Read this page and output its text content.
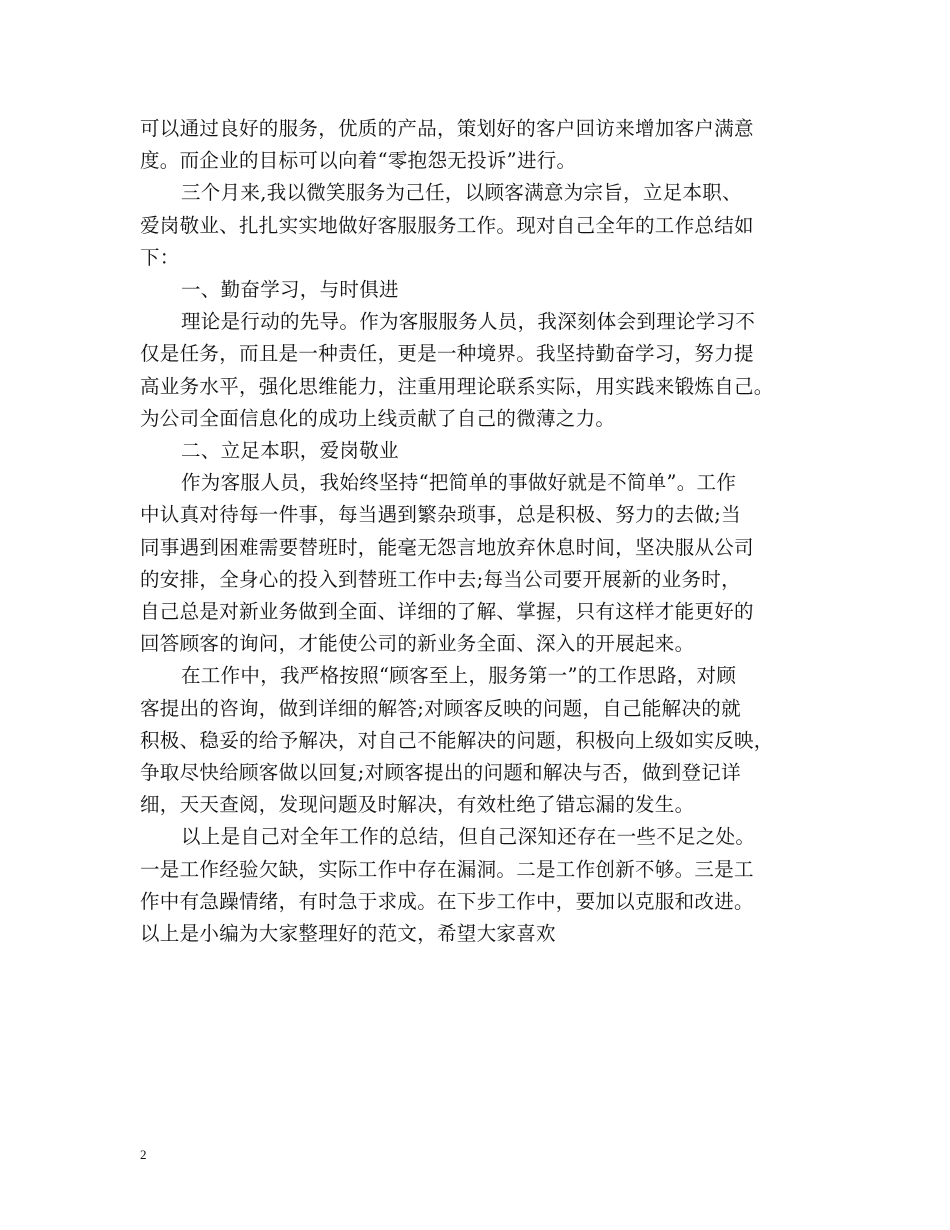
可以通过良好的服务，优质的产品，策划好的客户回访来增加客户满意
度。而企业的目标可以向着“零抱怨无投诉”进行。
三个月来,我以微笑服务为己任，以顾客满意为宗旨，立足本职、
爱岗敬业、扎扎实实地做好客服服务工作。现对自己全年的工作总结如
下：
一、勤奋学习，与时俱进
理论是行动的先导。作为客服服务人员，我深刻体会到理论学习不
仅是任务，而且是一种责任，更是一种境界。我坚持勤奋学习，努力提
高业务水平，强化思维能力，注重用理论联系实际，用实践来锻炼自己。
为公司全面信息化的成功上线贡献了自己的微薄之力。
二、立足本职，爱岗敬业
作为客服人员，我始终坚持“把简单的事做好就是不简单”。工作
中认真对待每一件事，每当遇到繁杂琐事，总是积极、努力的去做;当
同事遇到困难需要替班时，能毫无怨言地放弃休息时间，坚决服从公司
的安排，全身心的投入到替班工作中去;每当公司要开展新的业务时，
自己总是对新业务做到全面、详细的了解、掌握，只有这样才能更好的
回答顾客的询问，才能使公司的新业务全面、深入的开展起来。
在工作中，我严格按照“顾客至上，服务第一”的工作思路，对顾
客提出的咨询，做到详细的解答;对顾客反映的问题，自己能解决的就
积极、稳妥的给予解决，对自己不能解决的问题，积极向上级如实反映，
争取尽快给顾客做以回复;对顾客提出的问题和解决与否，做到登记详
细，天天查阅，发现问题及时解决，有效杜绝了错忘漏的发生。
以上是自己对全年工作的总结，但自己深知还存在一些不足之处。
一是工作经验欠缺，实际工作中存在漏洞。二是工作创新不够。三是工
作中有急躁情绪，有时急于求成。在下步工作中，要加以克服和改进。
以上是小编为大家整理好的范文，希望大家喜欢
2
